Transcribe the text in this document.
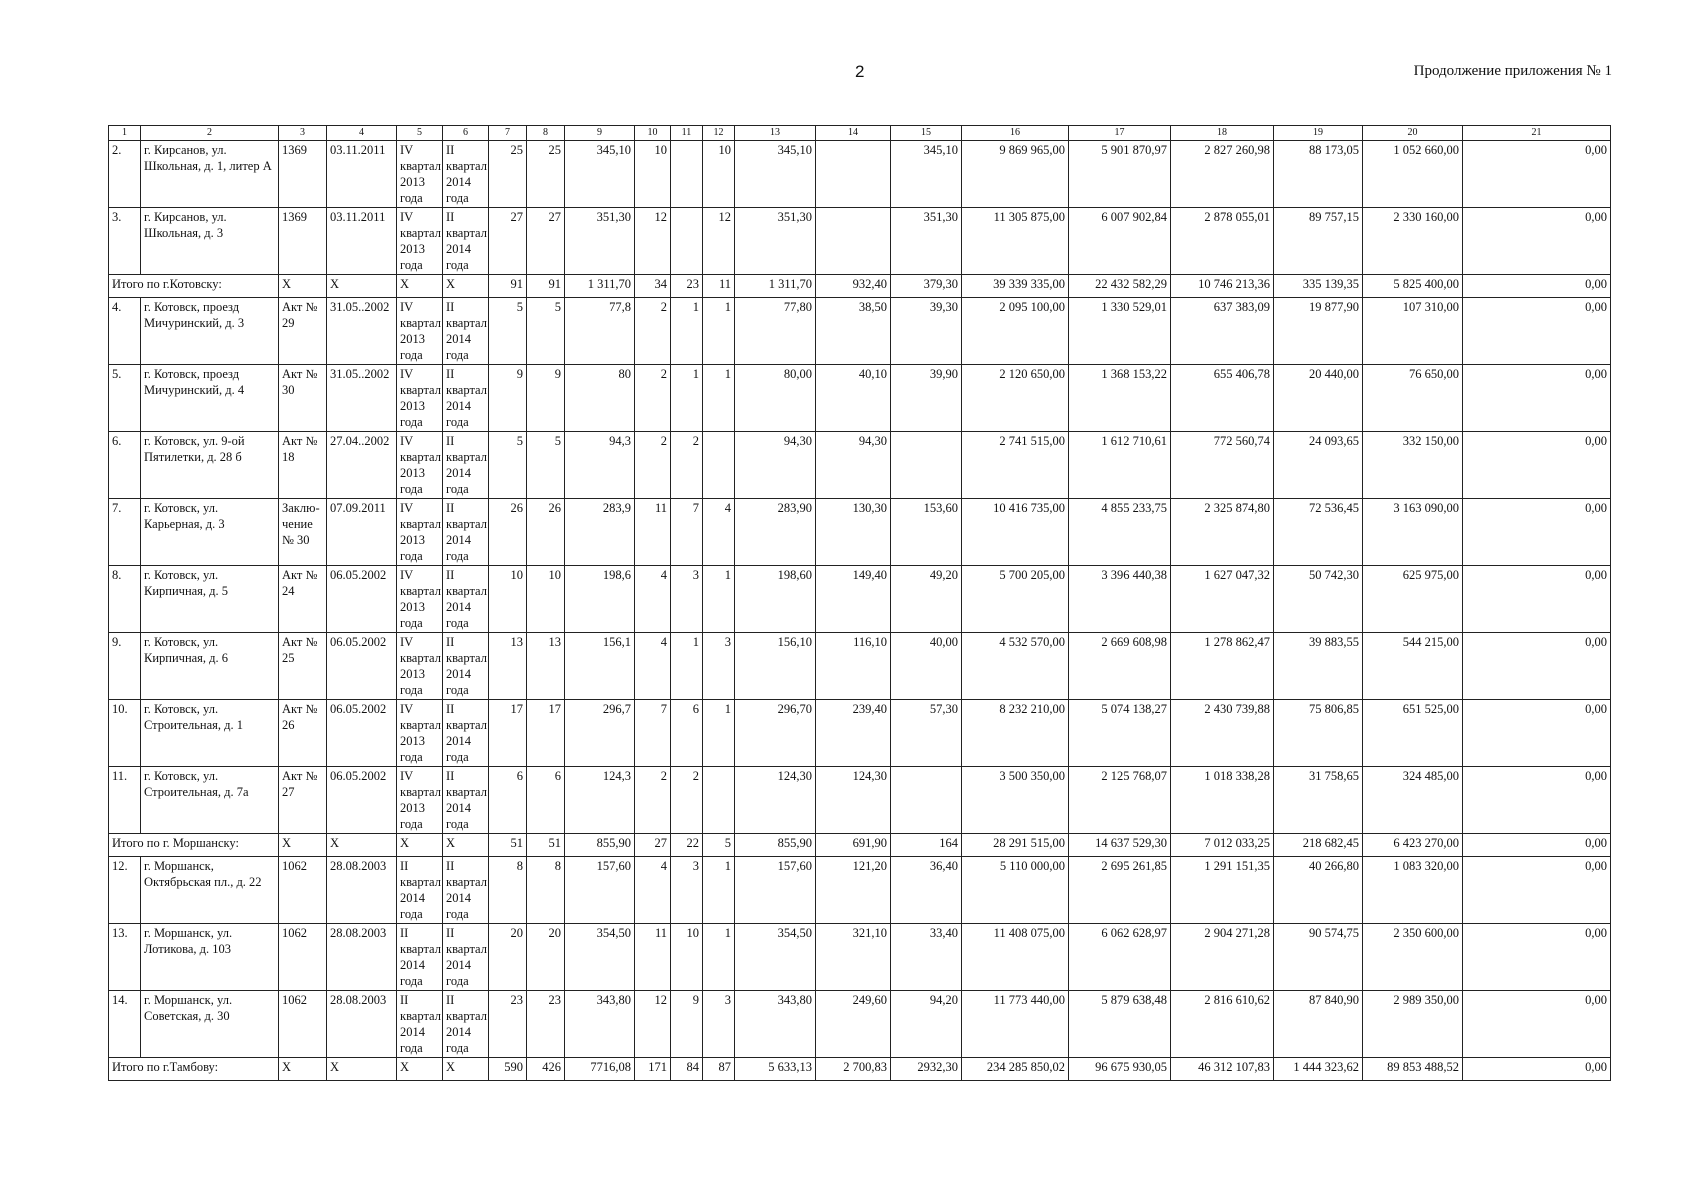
2	Продолжение приложения № 1
1	2	3	4	5	6	7	8	9	10	11	12	13	14	15	16	17	18	19	20	21
2.	г. Кирсанов, ул. Школьная, д. 1, литер А	1369	03.11.2011	IV квартал 2013 года	II квартал 2014 года	25	25	345,10	10		10	345,10		345,10	9 869 965,00	5 901 870,97	2 827 260,98	88 173,05	1 052 660,00	0,00
3.	г. Кирсанов, ул. Школьная, д. 3	1369	03.11.2011	IV квартал 2013 года	II квартал 2014 года	27	27	351,30	12		12	351,30		351,30	11 305 875,00	6 007 902,84	2 878 055,01	89 757,15	2 330 160,00	0,00
Итого по г.Котовску:		X	X	X	X	91	91	1 311,70	34	23	11	1 311,70	932,40	379,30	39 339 335,00	22 432 582,29	10 746 213,36	335 139,35	5 825 400,00	0,00
4.	г. Котовск, проезд Мичуринский, д. 3	Акт № 29	31.05..2002	IV квартал 2013 года	II квартал 2014 года	5	5	77,8	2	1	1	77,80	38,50	39,30	2 095 100,00	1 330 529,01	637 383,09	19 877,90	107 310,00	0,00
5.	г. Котовск, проезд Мичуринский, д. 4	Акт № 30	31.05..2002	IV квартал 2013 года	II квартал 2014 года	9	9	80	2	1	1	80,00	40,10	39,90	2 120 650,00	1 368 153,22	655 406,78	20 440,00	76 650,00	0,00
6.	г. Котовск, ул. 9-ой Пятилетки, д. 28 б	Акт № 18	27.04..2002	IV квартал 2013 года	II квартал 2014 года	5	5	94,3	2	2		94,30	94,30		2 741 515,00	1 612 710,61	772 560,74	24 093,65	332 150,00	0,00
7.	г. Котовск, ул. Карьерная, д. 3	Заклю-чение № 30	07.09.2011	IV квартал 2013 года	II квартал 2014 года	26	26	283,9	11	7	4	283,90	130,30	153,60	10 416 735,00	4 855 233,75	2 325 874,80	72 536,45	3 163 090,00	0,00
8.	г. Котовск, ул. Кирпичная, д. 5	Акт № 24	06.05.2002	IV квартал 2013 года	II квартал 2014 года	10	10	198,6	4	3	1	198,60	149,40	49,20	5 700 205,00	3 396 440,38	1 627 047,32	50 742,30	625 975,00	0,00
9.	г. Котовск, ул. Кирпичная, д. 6	Акт № 25	06.05.2002	IV квартал 2013 года	II квартал 2014 года	13	13	156,1	4	1	3	156,10	116,10	40,00	4 532 570,00	2 669 608,98	1 278 862,47	39 883,55	544 215,00	0,00
10.	г. Котовск, ул. Строительная, д. 1	Акт № 26	06.05.2002	IV квартал 2013 года	II квартал 2014 года	17	17	296,7	7	6	1	296,70	239,40	57,30	8 232 210,00	5 074 138,27	2 430 739,88	75 806,85	651 525,00	0,00
11.	г. Котовск, ул. Строительная, д. 7а	Акт № 27	06.05.2002	IV квартал 2013 года	II квартал 2014 года	6	6	124,3	2	2		124,30	124,30		3 500 350,00	2 125 768,07	1 018 338,28	31 758,65	324 485,00	0,00
Итого по г. Моршанску:		X	X	X	X	51	51	855,90	27	22	5	855,90	691,90	164	28 291 515,00	14 637 529,30	7 012 033,25	218 682,45	6 423 270,00	0,00
12.	г. Моршанск, Октябрьская пл., д. 22	1062	28.08.2003	II квартал 2014 года	II квартал 2014 года	8	8	157,60	4	3	1	157,60	121,20	36,40	5 110 000,00	2 695 261,85	1 291 151,35	40 266,80	1 083 320,00	0,00
13.	г. Моршанск, ул. Лотикова, д. 103	1062	28.08.2003	II квартал 2014 года	II квартал 2014 года	20	20	354,50	11	10	1	354,50	321,10	33,40	11 408 075,00	6 062 628,97	2 904 271,28	90 574,75	2 350 600,00	0,00
14.	г. Моршанск, ул. Советская, д. 30	1062	28.08.2003	II квартал 2014 года	II квартал 2014 года	23	23	343,80	12	9	3	343,80	249,60	94,20	11 773 440,00	5 879 638,48	2 816 610,62	87 840,90	2 989 350,00	0,00
Итого по г.Тамбову:		X	X	X	X	590	426	7716,08	171	84	87	5 633,13	2 700,83	2932,30	234 285 850,02	96 675 930,05	46 312 107,83	1 444 323,62	89 853 488,52	0,00
